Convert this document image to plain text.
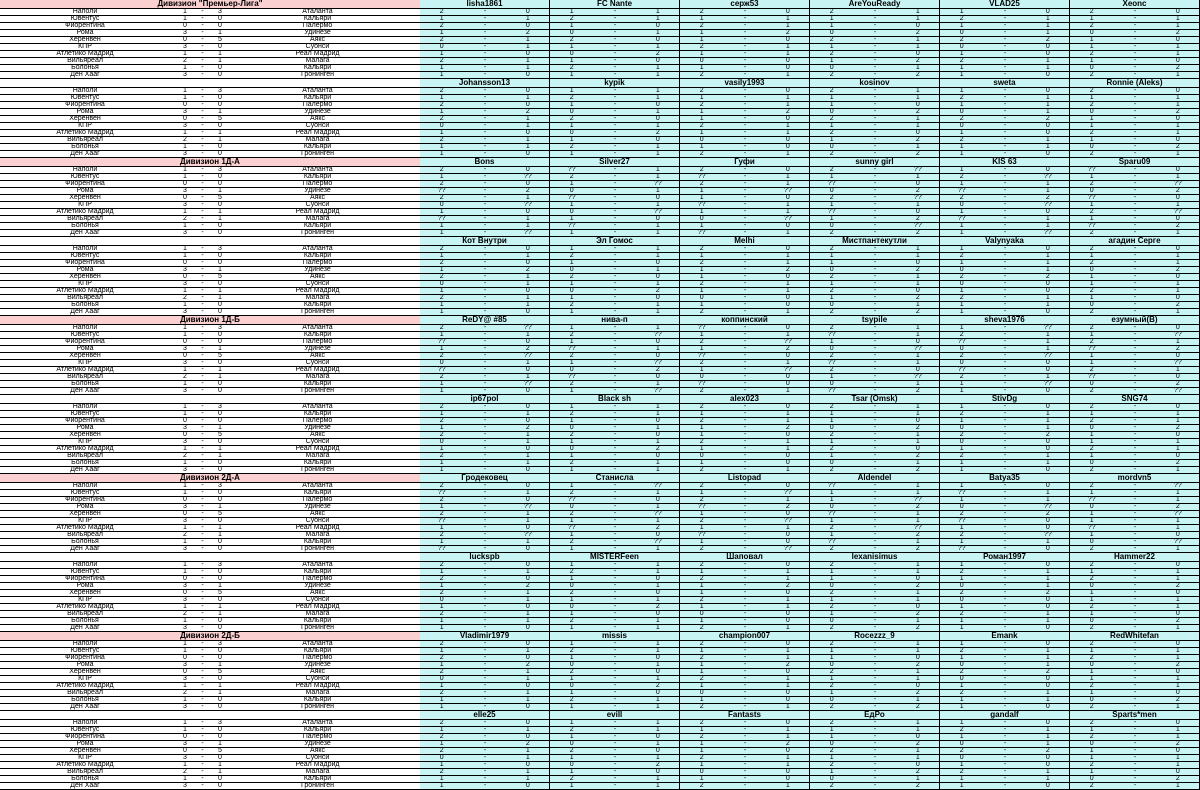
Дивизион "Премьер-Лига"
Наполи	1	-	3	Аталанта
Ювентус	1	-	0	Кальяри
Фиорентина	0	-	0	Палермо
Рома	3	-	1	Удинезе
Херенвен	0	-	5	Аякс
КПР	3	-	0	Суонси
Атлетико Мадрид	1	-	1	Реал Мадрид
Вильяреал	2	-	1	Малага
Болонья	1	-	0	Кальяри
Ден Хааг	3	-	0	Гронинген
Наполи	1	-	3	Аталанта
Ювентус	1	-	0	Кальяри
Фиорентина	0	-	0	Палермо
Рома	3	-	1	Удинезе
Херенвен	0	-	5	Аякс
КПР	3	-	0	Суонси
Атлетико Мадрид	1	-	1	Реал Мадрид
Вильяреал	2	-	1	Малага
Болонья	1	-	0	Кальяри
Ден Хааг	3	-	0	Гронинген
Дивизион 1Д-А
Наполи	1	-	3	Аталанта
Ювентус	1	-	0	Кальяри
Фиорентина	0	-	0	Палермо
Рома	3	-	1	Удинезе
Херенвен	0	-	5	Аякс
КПР	3	-	0	Суонси
Атлетико Мадрид	1	-	1	Реал Мадрид
Вильяреал	2	-	1	Малага
Болонья	1	-	0	Кальяри
Ден Хааг	3	-	0	Гронинген
Наполи	1	-	3	Аталанта
Ювентус	1	-	0	Кальяри
Фиорентина	0	-	0	Палермо
Рома	3	-	1	Удинезе
Херенвен	0	-	5	Аякс
КПР	3	-	0	Суонси
Атлетико Мадрид	1	-	1	Реал Мадрид
Вильяреал	2	-	1	Малага
Болонья	1	-	0	Кальяри
Ден Хааг	3	-	0	Гронинген
Дивизион 1Д-Б
Наполи	1	-	3	Аталанта
Ювентус	1	-	0	Кальяри
Фиорентина	0	-	0	Палермо
Рома	3	-	1	Удинезе
Херенвен	0	-	5	Аякс
КПР	3	-	0	Суонси
Атлетико Мадрид	1	-	1	Реал Мадрид
Вильяреал	2	-	1	Малага
Болонья	1	-	0	Кальяри
Ден Хааг	3	-	0	Гронинген
Наполи	1	-	3	Аталанта
Ювентус	1	-	0	Кальяри
Фиорентина	0	-	0	Палермо
Рома	3	-	1	Удинезе
Херенвен	0	-	5	Аякс
КПР	3	-	0	Суонси
Атлетико Мадрид	1	-	1	Реал Мадрид
Вильяреал	2	-	1	Малага
Болонья	1	-	0	Кальяри
Ден Хааг	3	-	0	Гронинген
Дивизион 2Д-А
Наполи	1	-	3	Аталанта
Ювентус	1	-	0	Кальяри
Фиорентина	0	-	0	Палермо
Рома	3	-	1	Удинезе
Херенвен	0	-	5	Аякс
КПР	3	-	0	Суонси
Атлетико Мадрид	1	-	1	Реал Мадрид
Вильяреал	2	-	1	Малага
Болонья	1	-	0	Кальяри
Ден Хааг	3	-	0	Гронинген
Наполи	1	-	3	Аталанта
Ювентус	1	-	0	Кальяри
Фиорентина	0	-	0	Палермо
Рома	3	-	1	Удинезе
Херенвен	0	-	5	Аякс
КПР	3	-	0	Суонси
Атлетико Мадрид	1	-	1	Реал Мадрид
Вильяреал	2	-	1	Малага
Болонья	1	-	0	Кальяри
Ден Хааг	3	-	0	Гронинген
Дивизион 2Д-Б
Наполи	1	-	3	Аталанта
Ювентус	1	-	0	Кальяри
Фиорентина	0	-	0	Палермо
Рома	3	-	1	Удинезе
Херенвен	0	-	5	Аякс
КПР	3	-	0	Суонси
Атлетико Мадрид	1	-	1	Реал Мадрид
Вильяреал	2	-	1	Малага
Болонья	1	-	0	Кальяри
Ден Хааг	3	-	0	Гронинген
Наполи	1	-	3	Аталанта
Ювентус	1	-	0	Кальяри
Фиорентина	0	-	0	Палермо
Рома	3	-	1	Удинезе
Херенвен	0	-	5	Аякс
КПР	3	-	0	Суонси
Атлетико Мадрид	1	-	1	Реал Мадрид
Вильяреал	2	-	1	Малага
Болонья	1	-	0	Кальяри
Ден Хааг	3	-	0	Гронинген
lisha1861	FC Nante	серж53	AreYouReady	VLAD25	Xeonc
2	-	0	1	-	1	2	-	0	2	-	1	1	-	0	2	-	0
1	-	1	2	-	1	1	-	1	1	-	1	2	-	1	1	-	1
2	-	0	1	-	0	2	-	1	1	-	0	1	-	1	2	-	1
1	-	2	0	-	1	1	-	2	0	-	2	0	-	1	0	-	2
2	-	1	2	-	0	1	-	0	2	-	1	2	-	2	1	-	0
0	-	1	1	-	1	2	-	1	1	-	1	0	-	0	1	-	1
1	-	0	0	-	2	1	-	1	2	-	0	1	-	0	2	-	1
2	-	1	1	-	0	0	-	0	1	-	2	2	-	1	1	-	0
1	-	1	2	-	1	1	-	0	0	-	1	1	-	1	0	-	2
1	-	0	1	-	1	2	-	1	2	-	2	1	-	0	2	-	1
Johansson13	kypik	vasily1993	kosinov	sweta	Ronnie (Aleks)
2	-	0	1	-	1	2	-	0	2	-	1	1	-	0	2	-	0
1	-	1	2	-	1	1	-	1	1	-	1	2	-	1	1	-	1
2	-	0	1	-	0	2	-	1	1	-	0	1	-	1	2	-	1
1	-	2	0	-	1	1	-	2	0	-	2	0	-	1	0	-	2
2	-	1	2	-	0	1	-	0	2	-	1	2	-	2	1	-	0
0	-	1	1	-	1	2	-	1	1	-	1	0	-	0	1	-	1
1	-	0	0	-	2	1	-	1	2	-	0	1	-	0	2	-	1
2	-	1	1	-	0	0	-	0	1	-	2	2	-	1	1	-	0
1	-	1	2	-	1	1	-	0	0	-	1	1	-	1	0	-	2
1	-	0	1	-	1	2	-	1	2	-	2	1	-	0	2	-	1
Bons	Silver27	Гуфи	sunny girl	KIS 63	Sparu09
2	-	0	??	-	1	2	-	0	2	-	??	1	-	0	??	-	0
1	-	??	2	-	1	??	-	1	1	-	1	2	-	??	1	-	1
2	-	0	1	-	??	2	-	1	??	-	0	1	-	1	2	-	??
??	-	2	0	-	1	1	-	??	0	-	2	??	-	1	0	-	2
2	-	1	??	-	0	1	-	0	2	-	??	2	-	2	??	-	0
0	-	??	1	-	1	??	-	1	1	-	1	0	-	??	1	-	1
1	-	0	0	-	??	1	-	1	??	-	0	1	-	0	2	-	??
??	-	1	1	-	0	0	-	??	1	-	2	??	-	1	1	-	0
1	-	1	??	-	1	1	-	0	0	-	??	1	-	1	??	-	2
1	-	??	1	-	1	??	-	1	2	-	2	1	-	??	2	-	1
Кот Внутри	Эл Гомос	Melhi	Мистпантекутли	Valynyaka	агадин Серге
2	-	0	1	-	1	2	-	0	2	-	1	1	-	0	2	-	0
1	-	1	2	-	1	1	-	1	1	-	1	2	-	1	1	-	1
2	-	0	1	-	0	2	-	1	1	-	0	1	-	1	2	-	1
1	-	2	0	-	1	1	-	2	0	-	2	0	-	1	0	-	2
2	-	1	2	-	0	1	-	0	2	-	1	2	-	2	1	-	0
0	-	1	1	-	1	2	-	1	1	-	1	0	-	0	1	-	1
1	-	0	0	-	2	1	-	1	2	-	0	1	-	0	2	-	1
2	-	1	1	-	0	0	-	0	1	-	2	2	-	1	1	-	0
1	-	1	2	-	1	1	-	0	0	-	1	1	-	1	0	-	2
1	-	0	1	-	1	2	-	1	2	-	2	1	-	0	2	-	1
ReDY@ #85	нива-п	коппинский	tsypile	sheva1976	езумный(В)
2	-	??	1	-	1	??	-	0	2	-	1	1	-	??	2	-	0
1	-	1	2	-	??	1	-	1	??	-	1	2	-	1	1	-	??
??	-	0	1	-	0	2	-	??	1	-	0	??	-	1	2	-	1
1	-	2	??	-	1	1	-	2	0	-	??	0	-	1	??	-	2
2	-	??	2	-	0	??	-	0	2	-	1	2	-	??	1	-	0
0	-	1	1	-	??	2	-	1	??	-	1	0	-	0	1	-	??
??	-	0	0	-	2	1	-	??	2	-	0	??	-	0	2	-	1
2	-	1	??	-	0	0	-	0	1	-	??	2	-	1	??	-	0
1	-	??	2	-	1	??	-	0	0	-	1	1	-	??	0	-	2
1	-	0	1	-	??	2	-	1	??	-	2	1	-	0	2	-	??
ip67pol	Black sh	alex023	Tsar (Omsk)	StivDg	SNG74
2	-	0	1	-	1	2	-	0	2	-	1	1	-	0	2	-	0
1	-	1	2	-	1	1	-	1	1	-	1	2	-	1	1	-	1
2	-	0	1	-	0	2	-	1	1	-	0	1	-	1	2	-	1
1	-	2	0	-	1	1	-	2	0	-	2	0	-	1	0	-	2
2	-	1	2	-	0	1	-	0	2	-	1	2	-	2	1	-	0
0	-	1	1	-	1	2	-	1	1	-	1	0	-	0	1	-	1
1	-	0	0	-	2	1	-	1	2	-	0	1	-	0	2	-	1
2	-	1	1	-	0	0	-	0	1	-	2	2	-	1	1	-	0
1	-	1	2	-	1	1	-	0	0	-	1	1	-	1	0	-	2
1	-	0	1	-	1	2	-	1	2	-	2	1	-	0	2	-	1
Гродековец	Станисла	Listopad	Aldendel	Batya35	mordvn5
2	-	0	1	-	??	2	-	0	??	-	1	1	-	0	2	-	??
??	-	1	2	-	1	1	-	??	1	-	1	??	-	1	1	-	1
2	-	0	??	-	0	2	-	1	1	-	??	1	-	1	??	-	1
1	-	??	0	-	1	??	-	2	0	-	2	0	-	??	0	-	2
2	-	1	2	-	??	1	-	0	??	-	1	2	-	2	1	-	??
??	-	1	1	-	1	2	-	??	1	-	1	??	-	0	1	-	1
1	-	0	??	-	2	1	-	1	2	-	??	1	-	0	??	-	1
2	-	??	1	-	0	??	-	0	1	-	2	2	-	??	1	-	0
1	-	1	2	-	??	1	-	0	??	-	1	1	-	1	0	-	??
??	-	0	1	-	1	2	-	??	2	-	2	??	-	0	2	-	1
luckspb	MISTERFeen	Шаповал	lexanisimus	Роман1997	Hammer22
2	-	0	1	-	1	2	-	0	2	-	1	1	-	0	2	-	0
1	-	1	2	-	1	1	-	1	1	-	1	2	-	1	1	-	1
2	-	0	1	-	0	2	-	1	1	-	0	1	-	1	2	-	1
1	-	2	0	-	1	1	-	2	0	-	2	0	-	1	0	-	2
2	-	1	2	-	0	1	-	0	2	-	1	2	-	2	1	-	0
0	-	1	1	-	1	2	-	1	1	-	1	0	-	0	1	-	1
1	-	0	0	-	2	1	-	1	2	-	0	1	-	0	2	-	1
2	-	1	1	-	0	0	-	0	1	-	2	2	-	1	1	-	0
1	-	1	2	-	1	1	-	0	0	-	1	1	-	1	0	-	2
1	-	0	1	-	1	2	-	1	2	-	2	1	-	0	2	-	1
Vladimir1979	missis	champion007	Rocezzz_9	Emank	RedWhitefan
2	-	0	1	-	1	2	-	0	2	-	1	1	-	0	2	-	0
1	-	1	2	-	1	1	-	1	1	-	1	2	-	1	1	-	1
2	-	0	1	-	0	2	-	1	1	-	0	1	-	1	2	-	1
1	-	2	0	-	1	1	-	2	0	-	2	0	-	1	0	-	2
2	-	1	2	-	0	1	-	0	2	-	1	2	-	2	1	-	0
0	-	1	1	-	1	2	-	1	1	-	1	0	-	0	1	-	1
1	-	0	0	-	2	1	-	1	2	-	0	1	-	0	2	-	1
2	-	1	1	-	0	0	-	0	1	-	2	2	-	1	1	-	0
1	-	1	2	-	1	1	-	0	0	-	1	1	-	1	0	-	2
1	-	0	1	-	1	2	-	1	2	-	2	1	-	0	2	-	1
elle25	evill	Fantasts	EдPo	gandalf	Sparts*men
2	-	0	1	-	1	2	-	0	2	-	1	1	-	0	2	-	0
1	-	1	2	-	1	1	-	1	1	-	1	2	-	1	1	-	1
2	-	0	1	-	0	2	-	1	1	-	0	1	-	1	2	-	1
1	-	2	0	-	1	1	-	2	0	-	2	0	-	1	0	-	2
2	-	1	2	-	0	1	-	0	2	-	1	2	-	2	1	-	0
0	-	1	1	-	1	2	-	1	1	-	1	0	-	0	1	-	1
1	-	0	0	-	2	1	-	1	2	-	0	1	-	0	2	-	1
2	-	1	1	-	0	0	-	0	1	-	2	2	-	1	1	-	0
1	-	1	2	-	1	1	-	0	0	-	1	1	-	1	0	-	2
1	-	0	1	-	1	2	-	1	2	-	2	1	-	0	2	-	1
